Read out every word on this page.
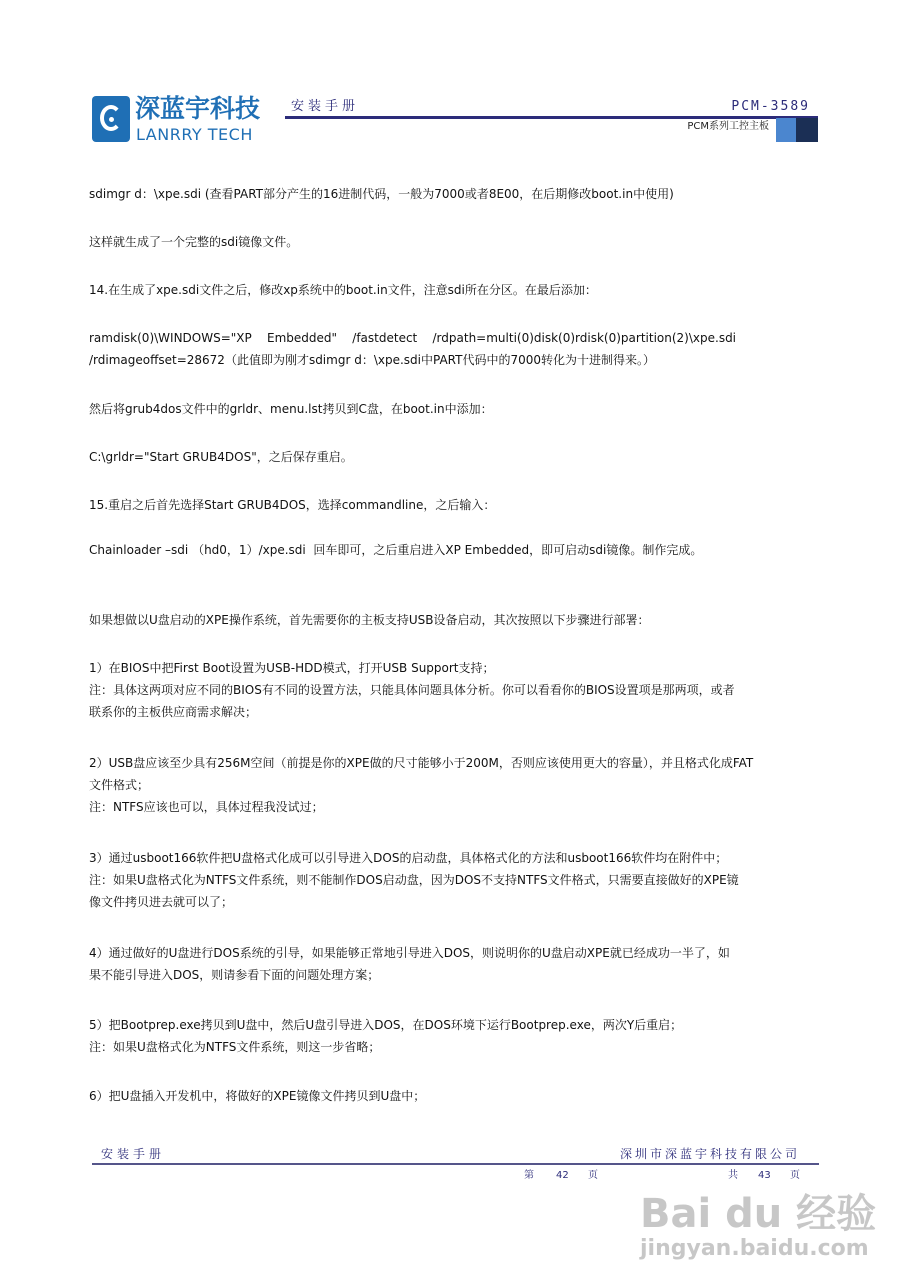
深蓝宇科技
LANRRY TECH
安装手册	PCM-3589
PCM系列工控主板
sdimgr d：\xpe.sdi (查看PART部分产生的16进制代码，一般为7000或者8E00，在后期修改boot.in中使用)
这样就生成了一个完整的sdi镜像文件。
14.在生成了xpe.sdi文件之后，修改xp系统中的boot.in文件，注意sdi所在分区。在最后添加：
ramdisk(0)\WINDOWS="XP    Embedded"    /fastdetect    /rdpath=multi(0)disk(0)rdisk(0)partition(2)\xpe.sdi
/rdimageoffset=28672（此值即为刚才sdimgr d：\xpe.sdi中PART代码中的7000转化为十进制得来。）
然后将grub4dos文件中的grldr、menu.lst拷贝到C盘，在boot.in中添加：
C:\grldr="Start GRUB4DOS"，之后保存重启。
15.重启之后首先选择Start GRUB4DOS，选择commandline，之后输入：
Chainloader –sdi （hd0，1）/xpe.sdi  回车即可，之后重启进入XP Embedded，即可启动sdi镜像。制作完成。
如果想做以U盘启动的XPE操作系统，首先需要你的主板支持USB设备启动，其次按照以下步骤进行部署：
1）在BIOS中把First Boot设置为USB-HDD模式，打开USB Support支持；
注：具体这两项对应不同的BIOS有不同的设置方法，只能具体问题具体分析。你可以看看你的BIOS设置项是那两项，或者
联系你的主板供应商需求解决；
2）USB盘应该至少具有256M空间（前提是你的XPE做的尺寸能够小于200M，否则应该使用更大的容量），并且格式化成FAT
文件格式；
注：NTFS应该也可以，具体过程我没试过；
3）通过usboot166软件把U盘格式化成可以引导进入DOS的启动盘，具体格式化的方法和usboot166软件均在附件中；
注：如果U盘格式化为NTFS文件系统，则不能制作DOS启动盘，因为DOS不支持NTFS文件格式，只需要直接做好的XPE镜
像文件拷贝进去就可以了；
4）通过做好的U盘进行DOS系统的引导，如果能够正常地引导进入DOS，则说明你的U盘启动XPE就已经成功一半了，如
果不能引导进入DOS，则请参看下面的问题处理方案；
5）把Bootprep.exe拷贝到U盘中，然后U盘引导进入DOS，在DOS环境下运行Bootprep.exe，两次Y后重启；
注：如果U盘格式化为NTFS文件系统，则这一步省略；
6）把U盘插入开发机中，将做好的XPE镜像文件拷贝到U盘中；
安装手册	深圳市深蓝宇科技有限公司
第 42 页	共 43 页
Bai du 经验
jingyan.baidu.com
